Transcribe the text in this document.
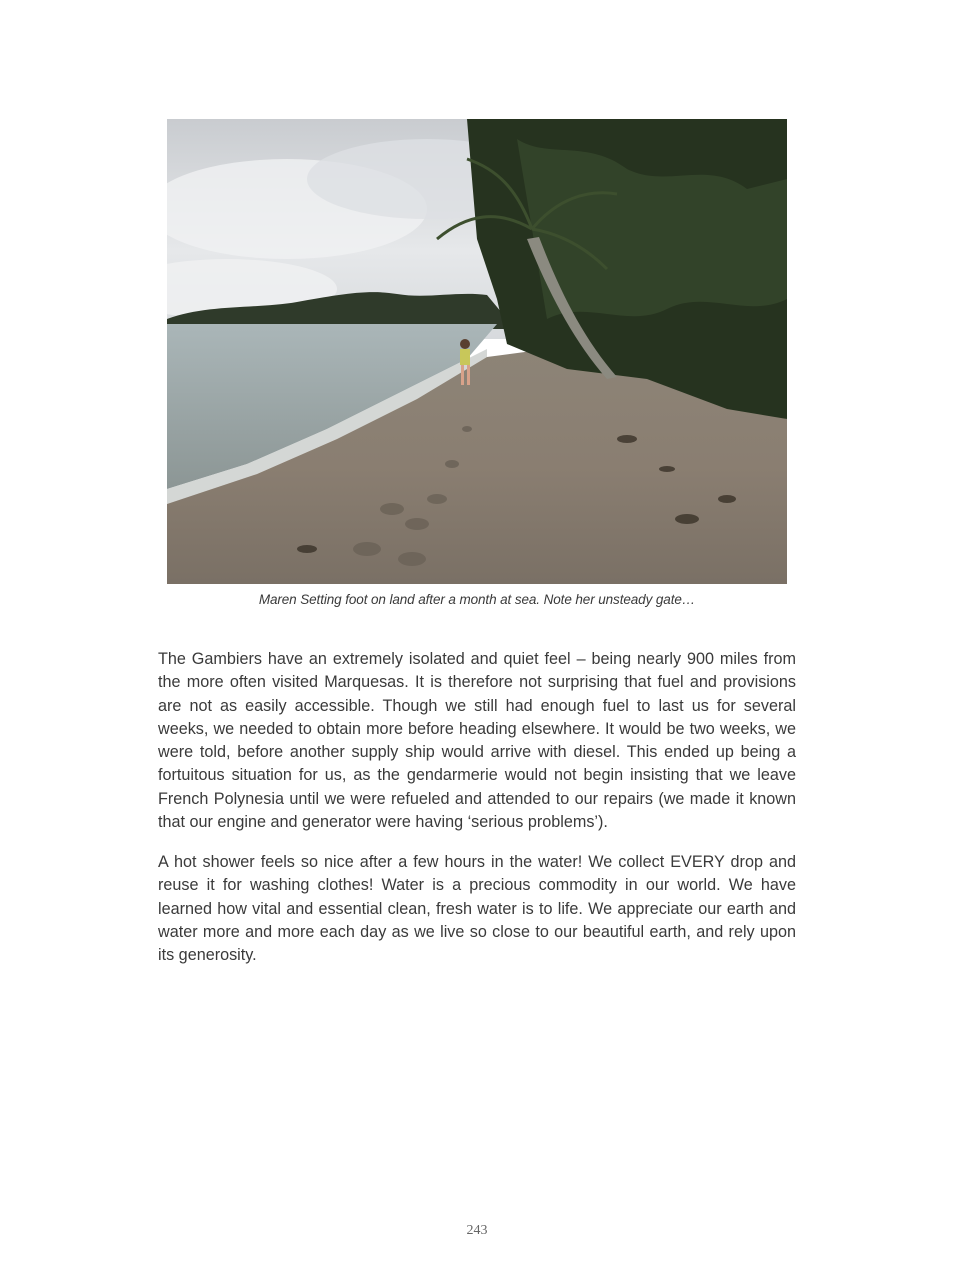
Maren Setting foot on land after a month at sea. Note her unsteady gate…

The Gambiers have an extremely isolated and quiet feel – being nearly 900 miles from the more often visited Marquesas. It is therefore not surprising that fuel and provisions are not as easily accessible. Though we still had enough fuel to last us for several weeks, we needed to obtain more before heading elsewhere. It would be two weeks, we were told, before another supply ship would arrive with diesel. This ended up being a fortuitous situation for us, as the gendarmerie would not begin insisting that we leave French Polynesia until we were refueled and attended to our repairs (we made it known that our engine and generator were having ‘serious problems’).

A hot shower feels so nice after a few hours in the water! We collect EVERY drop and reuse it for washing clothes! Water is a precious commodity in our world. We have learned how vital and essential clean, fresh water is to life. We appreciate our earth and water more and more each day as we live so close to our beautiful earth, and rely upon its generosity.

243
